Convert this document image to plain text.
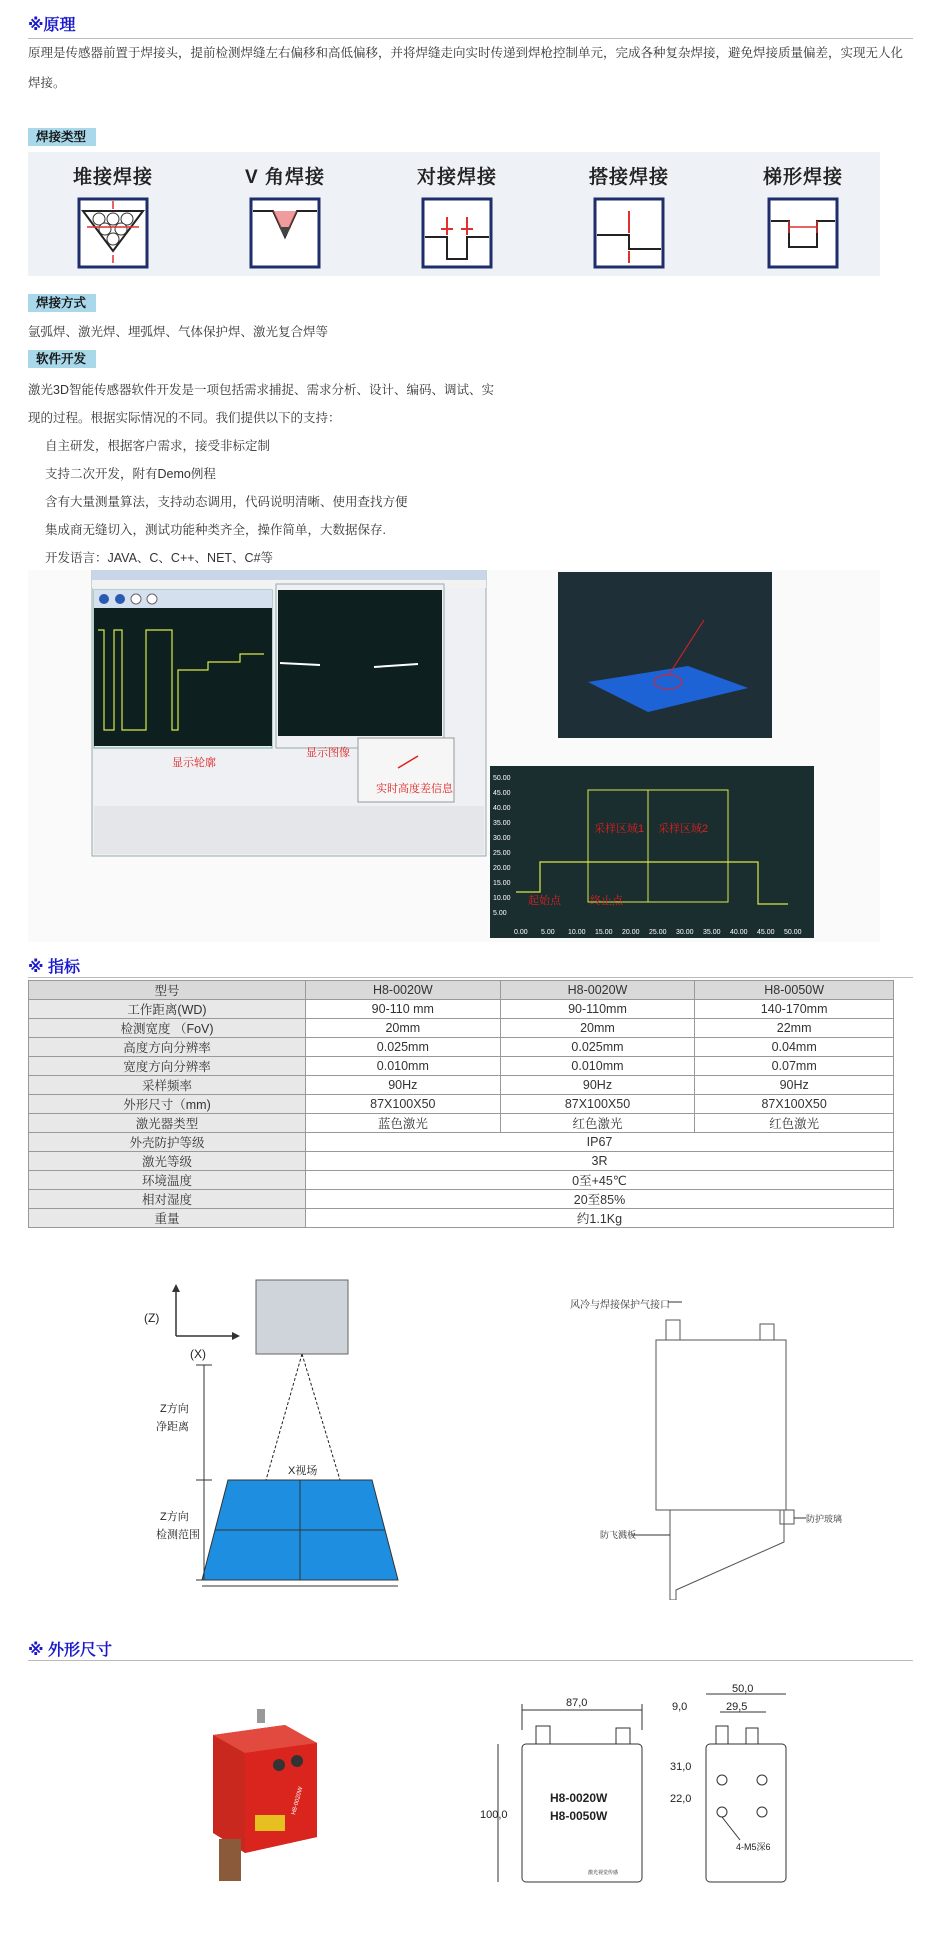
※原理
原理是传感器前置于焊接头，提前检测焊缝左右偏移和高低偏移，并将焊缝走向实时传递到焊枪控制单元，完成各种复杂焊接，避免焊接质量偏差，实现无人化焊接。
焊接类型
堆接焊接	V 角焊接	对接焊接	搭接焊接	梯形焊接
焊接方式
氩弧焊、激光焊、埋弧焊、气体保护焊、激光复合焊等
软件开发
激光3D智能传感器软件开发是一项包括需求捕捉、需求分析、设计、编码、调试、实
现的过程。根据实际情况的不同。我们提供以下的支持：
自主研发，根据客户需求，接受非标定制
支持二次开发，附有Demo例程
含有大量测量算法，支持动态调用，代码说明清晰、使用查找方便
集成商无缝切入，测试功能种类齐全，操作简单，大数据保存.
开发语言：JAVA、C、C++、NET、C#等
显示轮廓
显示图像
实时高度差信息
50.00
45.00
40.00
35.00
30.00
25.00
20.00
15.00
10.00
5.00
0.00 5.00 10.00 15.00 20.00 25.00 30.00 35.00 40.00 45.00 50.00
采样区域1 采样区域2
起始点	终止点
※ 指标
型号	H8-0020W	H8-0020W	H8-0050W
工作距离(WD)	90-110 mm	90-110mm	140-170mm
检测宽度 （FoV)	20mm	20mm	22mm
高度方向分辨率	0.025mm	0.025mm	0.04mm
宽度方向分辨率	0.010mm	0.010mm	0.07mm
采样频率	90Hz	90Hz	90Hz
外形尺寸（mm)	87X100X50	87X100X50	87X100X50
激光器类型	蓝色激光	红色激光	红色激光
外壳防护等级	IP67		
激光等级	3R		
环境温度	0至+45℃		
相对湿度	20至85%		
重量	约1.1Kg		
(Z)
(X)
Z方向
净距离
X视场
Z方向
检测范围
风冷与焊接保护气接口
防护玻璃
防飞溅板
※ 外形尺寸
H8-0020W
87,0
100,0
H8-0020W
H8-0050W
激光视觉传感
50,0
9,0	29,5
31,0
22,0
4-M5深6
